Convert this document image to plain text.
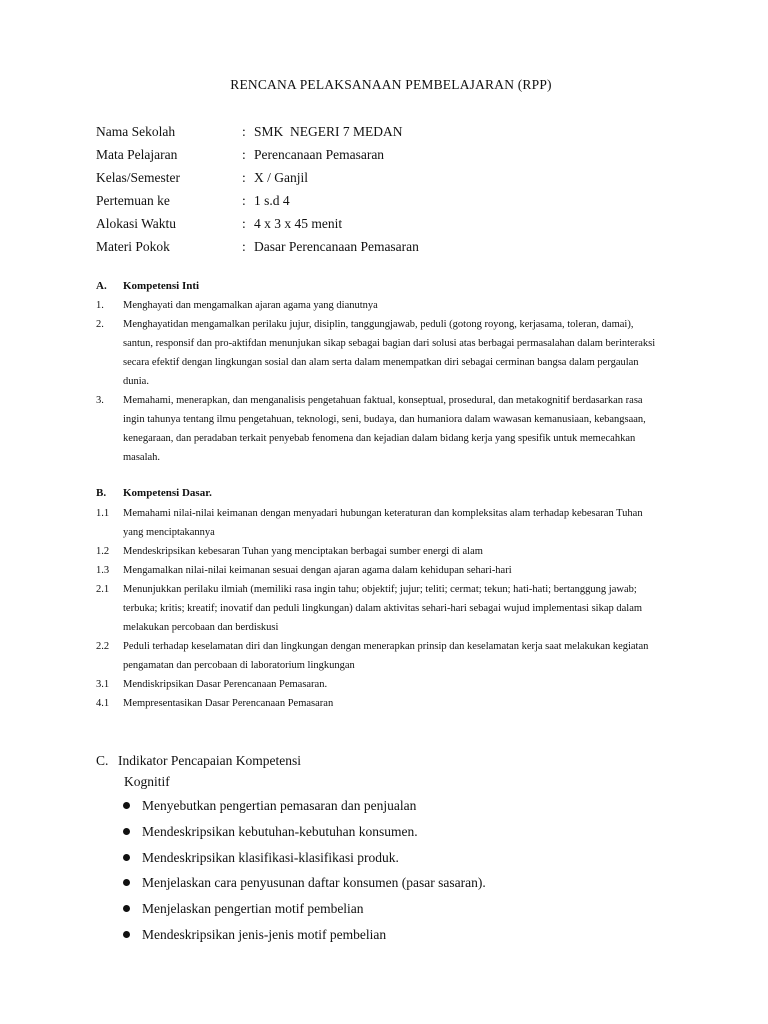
RENCANA PELAKSANAAN PEMBELAJARAN (RPP)
Nama Sekolah	: SMK  NEGERI 7 MEDAN
Mata Pelajaran	: Perencanaan Pemasaran
Kelas/Semester	: X / Ganjil
Pertemuan ke	: 1 s.d 4
Alokasi Waktu	: 4 x 3 x 45 menit
Materi Pokok	: Dasar Perencanaan Pemasaran
A. Kompetensi Inti
1. Menghayati dan mengamalkan ajaran agama yang dianutnya
2. Menghayatidan mengamalkan perilaku jujur, disiplin, tanggungjawab, peduli (gotong royong, kerjasama, toleran, damai), santun, responsif dan pro-aktifdan menunjukan sikap sebagai bagian dari solusi atas berbagai permasalahan dalam berinteraksi secara efektif dengan lingkungan sosial dan alam serta dalam menempatkan diri sebagai cerminan bangsa dalam pergaulan dunia.
3. Memahami, menerapkan, dan menganalisis pengetahuan faktual, konseptual, prosedural, dan metakognitif berdasarkan rasa ingin tahunya tentang ilmu pengetahuan, teknologi, seni, budaya, dan humaniora dalam wawasan kemanusiaan, kebangsaan, kenegaraan, dan peradaban terkait penyebab fenomena dan kejadian dalam bidang kerja yang spesifik untuk memecahkan masalah.
B. Kompetensi Dasar.
1.1 Memahami nilai-nilai keimanan dengan menyadari hubungan keteraturan dan kompleksitas alam terhadap kebesaran Tuhan yang menciptakannya
1.2 Mendeskripsikan kebesaran Tuhan yang menciptakan berbagai sumber energi di alam
1.3 Mengamalkan nilai-nilai keimanan sesuai dengan ajaran agama dalam kehidupan sehari-hari
2.1 Menunjukkan perilaku ilmiah (memiliki rasa ingin tahu; objektif; jujur; teliti; cermat; tekun; hati-hati; bertanggung jawab; terbuka; kritis; kreatif; inovatif dan peduli lingkungan) dalam aktivitas sehari-hari sebagai wujud implementasi sikap dalam melakukan percobaan dan berdiskusi
2.2 Peduli terhadap keselamatan diri dan lingkungan dengan menerapkan prinsip dan keselamatan kerja saat melakukan kegiatan pengamatan dan percobaan di laboratorium lingkungan
3.1 Mendiskripsikan Dasar Perencanaan Pemasaran.
4.1 Mempresentasikan Dasar Perencanaan Pemasaran
C. Indikator Pencapaian Kompetensi
Kognitif
Menyebutkan pengertian pemasaran dan penjualan
Mendeskripsikan kebutuhan-kebutuhan konsumen.
Mendeskripsikan klasifikasi-klasifikasi produk.
Menjelaskan cara penyusunan daftar konsumen (pasar sasaran).
Menjelaskan pengertian motif pembelian
Mendeskripsikan jenis-jenis motif pembelian
